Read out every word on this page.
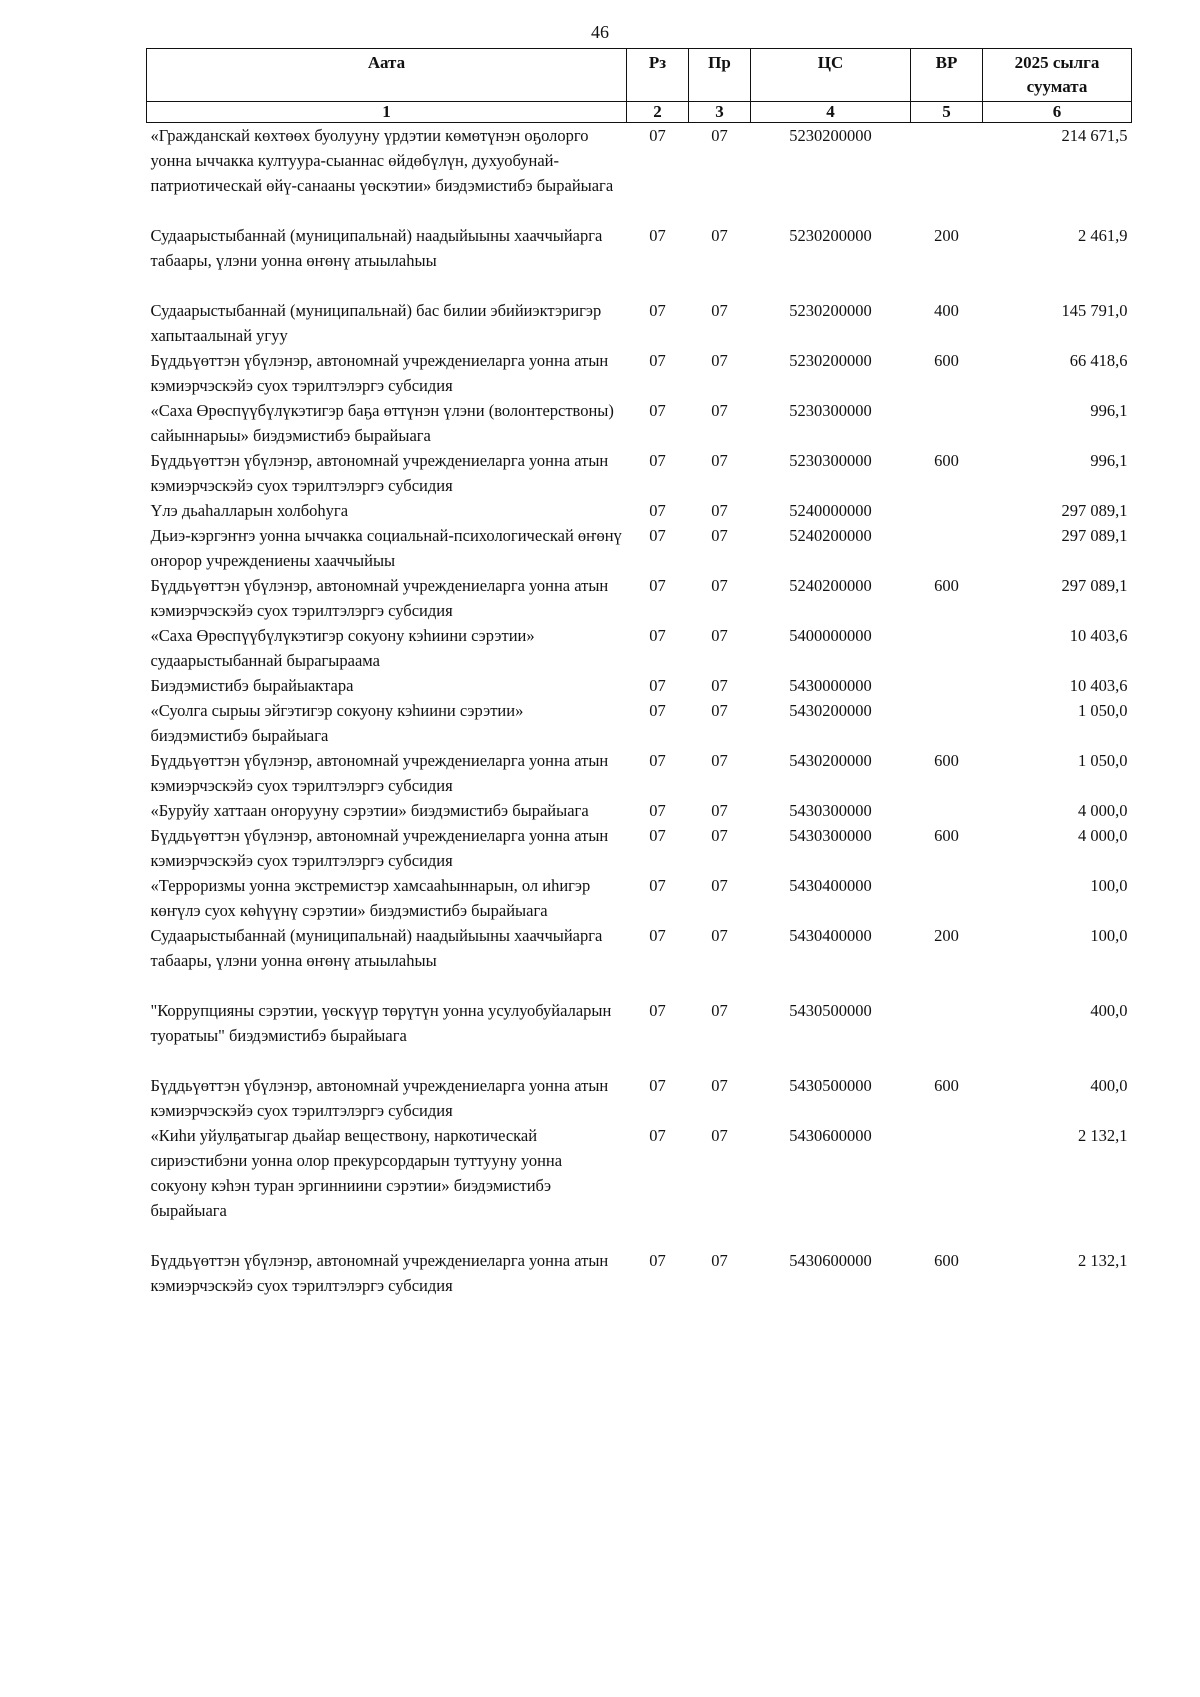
46
Аата	Рз	Пр	ЦС	ВР	2025 сылга суумата
1	2	3	4	5	6
«Гражданскай көхтөөх буолууну үрдэтии көмөтүнэн оҕолорго уонна ыччакка култуура-сыаннас өйдөбүлүн, духуобунай-патриотическай өйү-санааны үөскэтии» биэдэмистибэ бырайыага	07	07	5230200000		214 671,5
Судаарыстыбаннай (муниципальнай) наадыйыыны хааччыйарга табаары, үлэни уонна өҥөнү атыылаһыы	07	07	5230200000	200	2 461,9
Судаарыстыбаннай (муниципальнай) бас билии эбийиэктэригэр хапытаалынай угуу	07	07	5230200000	400	145 791,0
Бүддьүөттэн үбүлэнэр, автономнай учреждениеларга уонна атын кэмиэрчэскэйэ суох тэрилтэлэргэ субсидия	07	07	5230200000	600	66 418,6
«Саха Өрөспүүбүлүкэтигэр баҕа өттүнэн үлэни (волонтерствоны) сайыннарыы» биэдэмистибэ бырайыага	07	07	5230300000		996,1
Бүддьүөттэн үбүлэнэр, автономнай учреждениеларга уонна атын кэмиэрчэскэйэ суох тэрилтэлэргэ субсидия	07	07	5230300000	600	996,1
Үлэ дьаһалларын холбоһуга	07	07	5240000000		297 089,1
Дьиэ-кэргэҥҥэ уонна ыччакка социальнай-психологическай өҥөнү оҥорор учреждениены хааччыйыы	07	07	5240200000		297 089,1
Бүддьүөттэн үбүлэнэр, автономнай учреждениеларга уонна атын кэмиэрчэскэйэ суох тэрилтэлэргэ субсидия	07	07	5240200000	600	297 089,1
«Саха Өрөспүүбүлүкэтигэр сокуону кэһиини сэрэтии» судаарыстыбаннай бырагыраама	07	07	5400000000		10 403,6
Биэдэмистибэ бырайыактара	07	07	5430000000		10 403,6
«Суолга сырыы эйгэтигэр сокуону кэһиини сэрэтии» биэдэмистибэ бырайыага	07	07	5430200000		1 050,0
Бүддьүөттэн үбүлэнэр, автономнай учреждениеларга уонна атын кэмиэрчэскэйэ суох тэрилтэлэргэ субсидия	07	07	5430200000	600	1 050,0
«Буруйу хаттаан оҥорууну сэрэтии» биэдэмистибэ бырайыага	07	07	5430300000		4 000,0
Бүддьүөттэн үбүлэнэр, автономнай учреждениеларга уонна атын кэмиэрчэскэйэ суох тэрилтэлэргэ субсидия	07	07	5430300000	600	4 000,0
«Терроризмы уонна экстремистэр хамсааһыннарын, ол иһигэр көҥүлэ суох көһүүнү сэрэтии» биэдэмистибэ бырайыага	07	07	5430400000		100,0
Судаарыстыбаннай (муниципальнай) наадыйыыны хааччыйарга табаары, үлэни уонна өҥөнү атыылаһыы	07	07	5430400000	200	100,0
"Коррупцияны сэрэтии, үөскүүр төрүтүн уонна усулуобуйаларын туоратыы" биэдэмистибэ бырайыага	07	07	5430500000		400,0
Бүддьүөттэн үбүлэнэр, автономнай учреждениеларга уонна атын кэмиэрчэскэйэ суох тэрилтэлэргэ субсидия	07	07	5430500000	600	400,0
«Киһи уйулҕатыгар дьайар веществону, наркотическай сириэстибэни уонна олор прекурсордарын туттууну уонна сокуону кэһэн туран эргинниини сэрэтии» биэдэмистибэ бырайыага	07	07	5430600000		2 132,1
Бүддьүөттэн үбүлэнэр, автономнай учреждениеларга уонна атын кэмиэрчэскэйэ суох тэрилтэлэргэ субсидия	07	07	5430600000	600	2 132,1
